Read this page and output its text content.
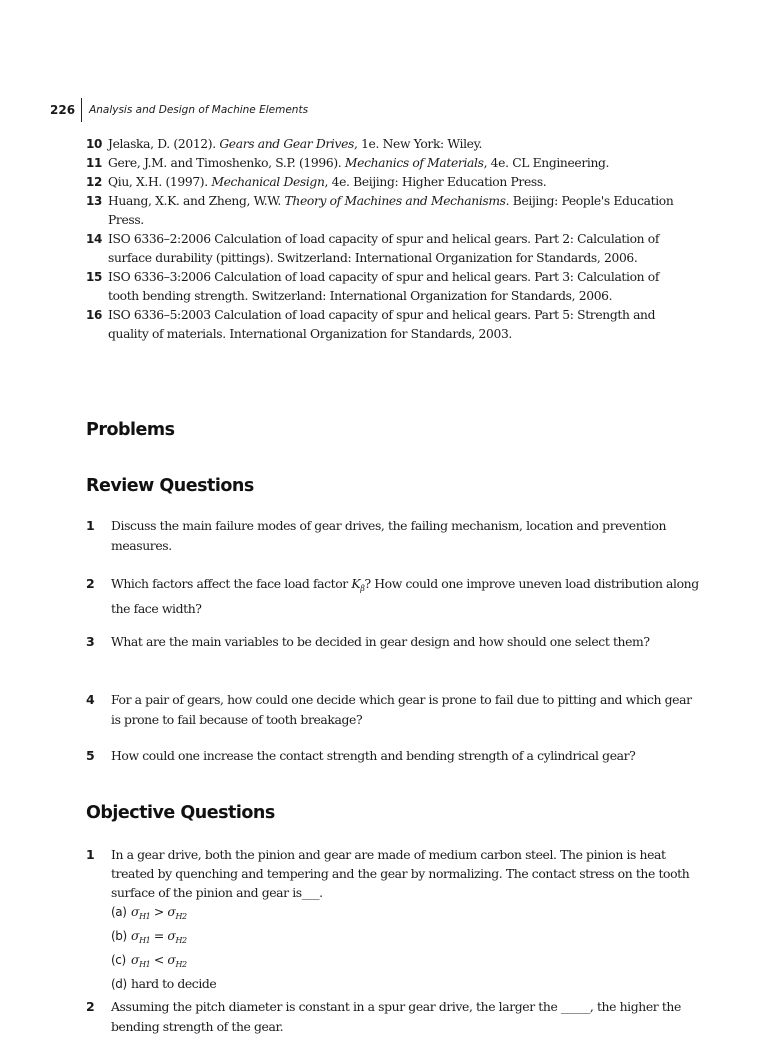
226	Analysis and Design of Machine Elements
10 Jelaska, D. (2012). Gears and Gear Drives, 1e. New York: Wiley.
11 Gere, J.M. and Timoshenko, S.P. (1996). Mechanics of Materials, 4e. CL Engineering.
12 Qiu, X.H. (1997). Mechanical Design, 4e. Beijing: Higher Education Press.
13 Huang, X.K. and Zheng, W.W. Theory of Machines and Mechanisms. Beijing: People's Education Press.
14 ISO 6336–2:2006 Calculation of load capacity of spur and helical gears. Part 2: Calculation of surface durability (pittings). Switzerland: International Organization for Standards, 2006.
15 ISO 6336–3:2006 Calculation of load capacity of spur and helical gears. Part 3: Calculation of tooth bending strength. Switzerland: International Organization for Standards, 2006.
16 ISO 6336–5:2003 Calculation of load capacity of spur and helical gears. Part 5: Strength and quality of materials. International Organization for Standards, 2003.
Problems
Review Questions
1 Discuss the main failure modes of gear drives, the failing mechanism, location and prevention measures.
2 Which factors affect the face load factor $K_\beta$? How could one improve uneven load distribution along the face width?
3 What are the main variables to be decided in gear design and how should one select them?
4 For a pair of gears, how could one decide which gear is prone to fail due to pitting and which gear is prone to fail because of tooth breakage?
5 How could one increase the contact strength and bending strength of a cylindrical gear?
Objective Questions
1 In a gear drive, both the pinion and gear are made of medium carbon steel. The pinion is heat treated by quenching and tempering and the gear by normalizing. The contact stress on the tooth surface of the pinion and gear is___.
(a) $\sigma_{H1} > \sigma_{H2}$
(b) $\sigma_{H1} = \sigma_{H2}$
(c) $\sigma_{H1} < \sigma_{H2}$
(d) hard to decide
2 Assuming the pitch diameter is constant in a spur gear drive, the larger the _____, the higher the bending strength of the gear.
